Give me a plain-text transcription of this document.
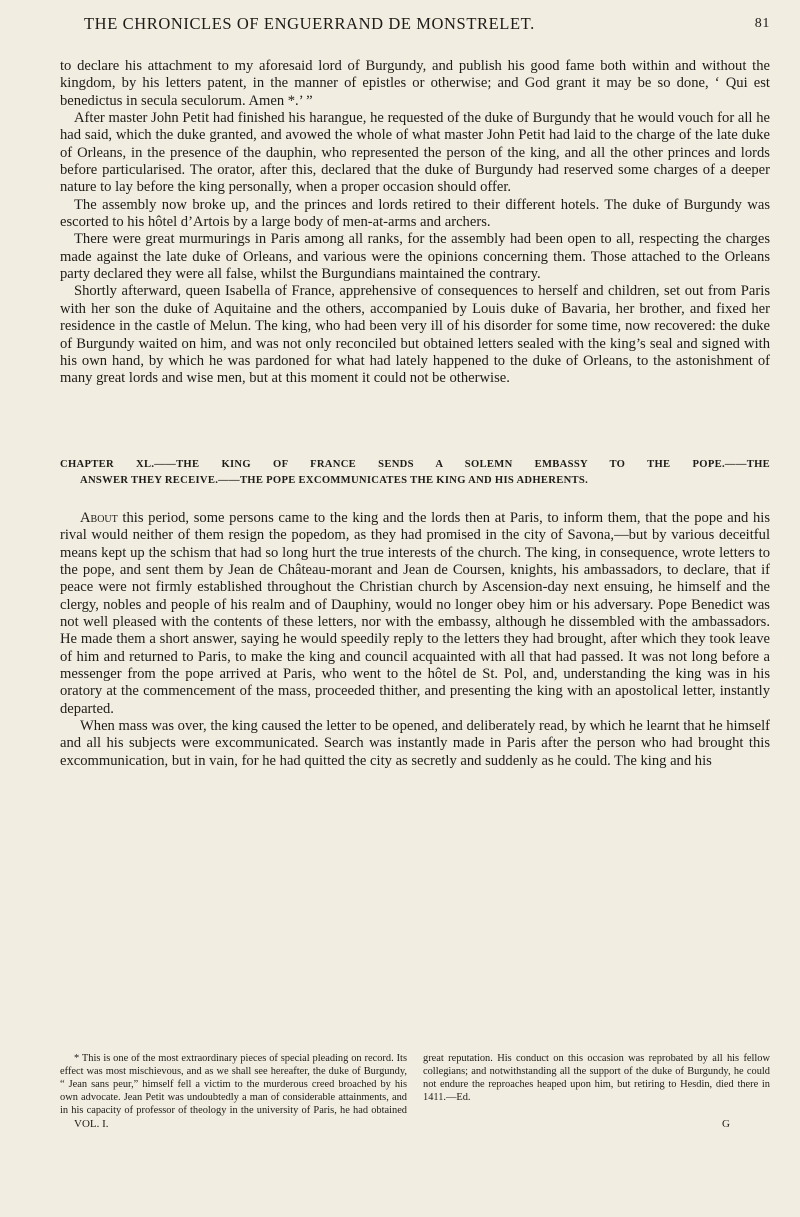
THE CHRONICLES OF ENGUERRAND DE MONSTRELET.	81

to declare his attachment to my aforesaid lord of Burgundy, and publish his good fame both within and without the kingdom, by his letters patent, in the manner of epistles or otherwise; and God grant it may be so done, ‘ Qui est benedictus in secula seculorum. Amen *.’ ”

After master John Petit had finished his harangue, he requested of the duke of Burgundy that he would vouch for all he had said, which the duke granted, and avowed the whole of what master John Petit had laid to the charge of the late duke of Orleans, in the presence of the dauphin, who represented the person of the king, and all the other princes and lords before particularised. The orator, after this, declared that the duke of Burgundy had reserved some charges of a deeper nature to lay before the king personally, when a proper occasion should offer.

The assembly now broke up, and the princes and lords retired to their different hotels. The duke of Burgundy was escorted to his hôtel d’Artois by a large body of men-at-arms and archers.

There were great murmurings in Paris among all ranks, for the assembly had been open to all, respecting the charges made against the late duke of Orleans, and various were the opinions concerning them. Those attached to the Orleans party declared they were all false, whilst the Burgundians maintained the contrary.

Shortly afterward, queen Isabella of France, apprehensive of consequences to herself and children, set out from Paris with her son the duke of Aquitaine and the others, accompanied by Louis duke of Bavaria, her brother, and fixed her residence in the castle of Melun. The king, who had been very ill of his disorder for some time, now recovered: the duke of Burgundy waited on him, and was not only reconciled but obtained letters sealed with the king’s seal and signed with his own hand, by which he was pardoned for what had lately happened to the duke of Orleans, to the astonishment of many great lords and wise men, but at this moment it could not be otherwise.

CHAPTER XL.——THE KING OF FRANCE SENDS A SOLEMN EMBASSY TO THE POPE.——THE
ANSWER THEY RECEIVE.——THE POPE EXCOMMUNICATES THE KING AND HIS ADHERENTS.

About this period, some persons came to the king and the lords then at Paris, to inform them, that the pope and his rival would neither of them resign the popedom, as they had promised in the city of Savona,—but by various deceitful means kept up the schism that had so long hurt the true interests of the church. The king, in consequence, wrote letters to the pope, and sent them by Jean de Château-morant and Jean de Coursen, knights, his ambassadors, to declare, that if peace were not firmly established throughout the Christian church by Ascension-day next ensuing, he himself and the clergy, nobles and people of his realm and of Dauphiny, would no longer obey him or his adversary. Pope Benedict was not well pleased with the contents of these letters, nor with the embassy, although he dissembled with the ambassadors. He made them a short answer, saying he would speedily reply to the letters they had brought, after which they took leave of him and returned to Paris, to make the king and council acquainted with all that had passed. It was not long before a messenger from the pope arrived at Paris, who went to the hôtel de St. Pol, and, understanding the king was in his oratory at the commencement of the mass, proceeded thither, and presenting the king with an apostolical letter, instantly departed.

When mass was over, the king caused the letter to be opened, and deliberately read, by which he learnt that he himself and all his subjects were excommunicated. Search was instantly made in Paris after the person who had brought this excommunication, but in vain, for he had quitted the city as secretly and suddenly as he could. The king and his

* This is one of the most extraordinary pieces of special pleading on record. Its effect was most mischievous, and as we shall see hereafter, the duke of Burgundy, “ Jean sans peur,” himself fell a victim to the murderous creed broached by his own advocate. Jean Petit was undoubtedly a man of considerable attainments, and in his capacity of professor of theology in the university of Paris, he had obtained great reputation. His conduct on this occasion was reprobated by all his fellow collegians; and notwithstanding all the support of the duke of Burgundy, he could not endure the reproaches heaped upon him, but retiring to Hesdin, died there in 1411.—Ed.

VOL. I.	G
